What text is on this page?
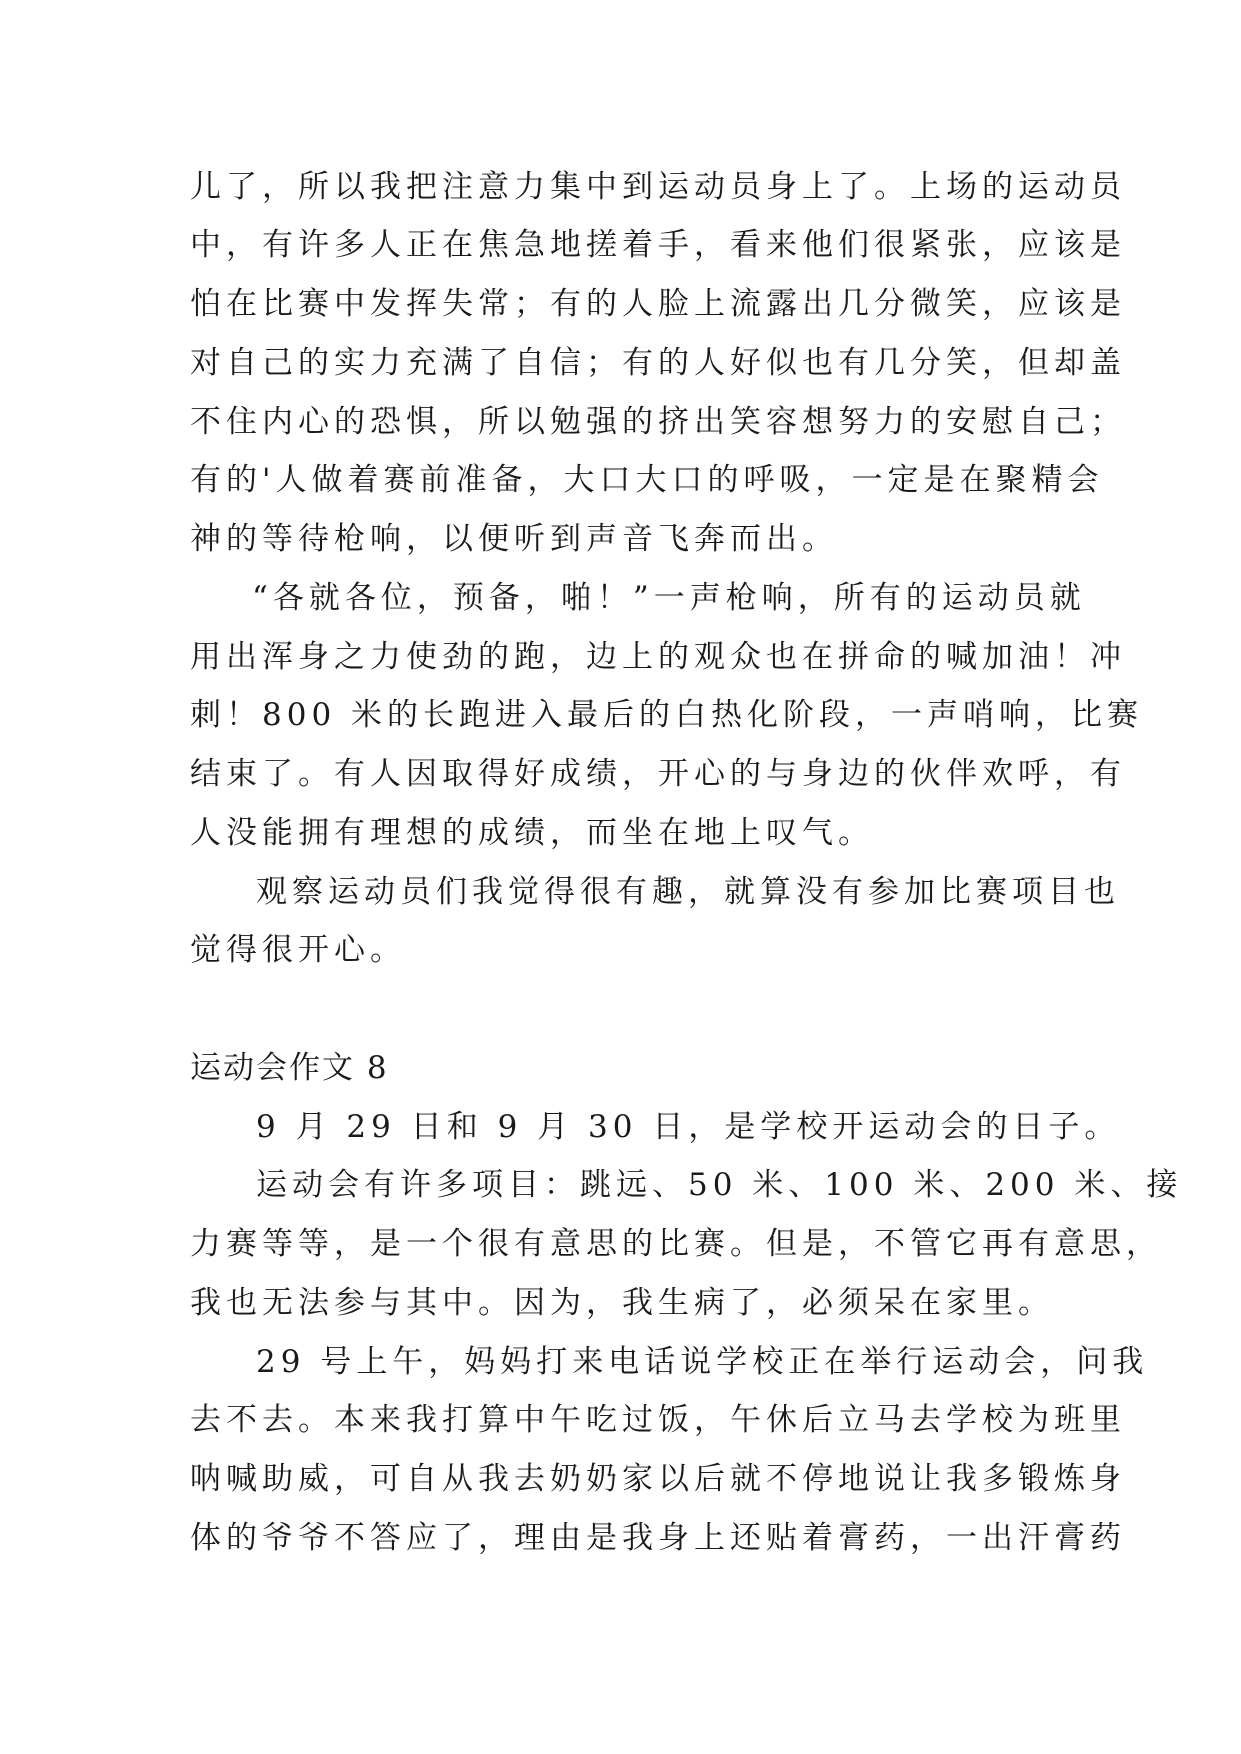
儿了，所以我把注意力集中到运动员身上了。上场的运动员
中，有许多人正在焦急地搓着手，看来他们很紧张，应该是
怕在比赛中发挥失常；有的人脸上流露出几分微笑，应该是
对自己的实力充满了自信；有的人好似也有几分笑，但却盖
不住内心的恐惧，所以勉强的挤出笑容想努力的安慰自己；
有的'人做着赛前准备，大口大口的呼吸，一定是在聚精会
神的等待枪响，以便听到声音飞奔而出。
“各就各位，预备，啪！”一声枪响，所有的运动员就
用出浑身之力使劲的跑，边上的观众也在拼命的喊加油！冲
刺！800 米的长跑进入最后的白热化阶段，一声哨响，比赛
结束了。有人因取得好成绩，开心的与身边的伙伴欢呼，有
人没能拥有理想的成绩，而坐在地上叹气。
观察运动员们我觉得很有趣，就算没有参加比赛项目也
觉得很开心。
运动会作文 8
9 月 29 日和 9 月 30 日，是学校开运动会的日子。
运动会有许多项目：跳远、50 米、100 米、200 米、接
力赛等等，是一个很有意思的比赛。但是，不管它再有意思，
我也无法参与其中。因为，我生病了，必须呆在家里。
29 号上午，妈妈打来电话说学校正在举行运动会，问我
去不去。本来我打算中午吃过饭，午休后立马去学校为班里
呐喊助威，可自从我去奶奶家以后就不停地说让我多锻炼身
体的爷爷不答应了，理由是我身上还贴着膏药，一出汗膏药
